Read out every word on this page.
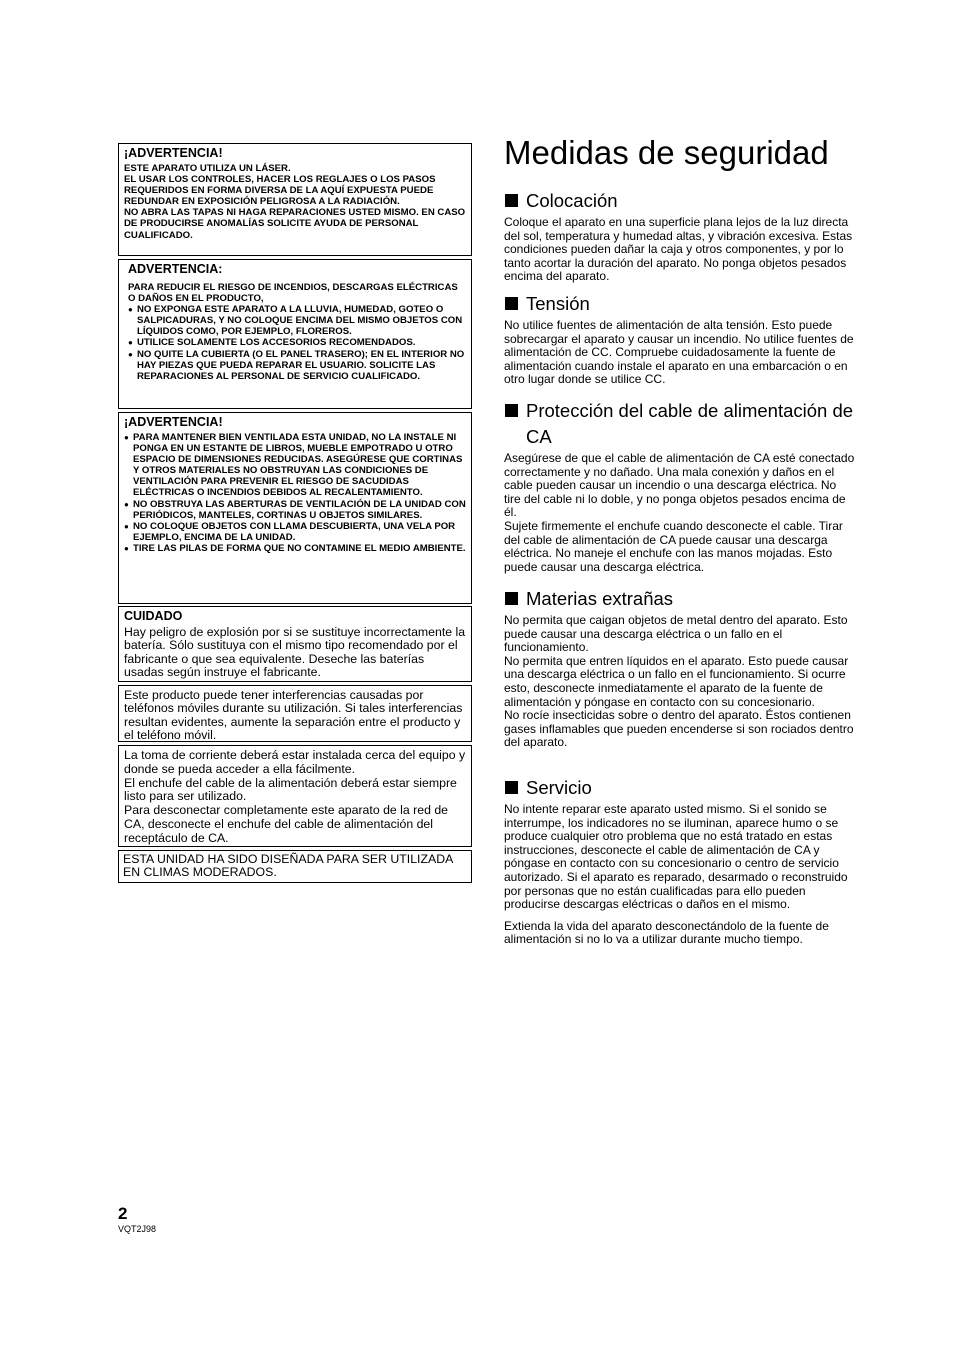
¡ADVERTENCIA!

ESTE APARATO UTILIZA UN LÁSER.

EL USAR LOS CONTROLES, HACER LOS REGLAJES O LOS PASOS REQUERIDOS EN FORMA DIVERSA DE LA AQUÍ EXPUESTA PUEDE REDUNDAR EN EXPOSICIÓN PELIGROSA A LA RADIACIÓN.

NO ABRA LAS TAPAS NI HAGA REPARACIONES USTED MISMO. EN CASO DE PRODUCIRSE ANOMALÍAS SOLICITE AYUDA DE PERSONAL CUALIFICADO.

ADVERTENCIA:

PARA REDUCIR EL RIESGO DE INCENDIOS, DESCARGAS ELÉCTRICAS O DAÑOS EN EL PRODUCTO,

● NO EXPONGA ESTE APARATO A LA LLUVIA, HUMEDAD, GOTEO O SALPICADURAS, Y NO COLOQUE ENCIMA DEL MISMO OBJETOS CON LÍQUIDOS COMO, POR EJEMPLO, FLOREROS.
● UTILICE SOLAMENTE LOS ACCESORIOS RECOMENDADOS.
● NO QUITE LA CUBIERTA (O EL PANEL TRASERO); EN EL INTERIOR NO HAY PIEZAS QUE PUEDA REPARAR EL USUARIO. SOLICITE LAS REPARACIONES AL PERSONAL DE SERVICIO CUALIFICADO.
¡ADVERTENCIA!
● PARA MANTENER BIEN VENTILADA ESTA UNIDAD, NO LA INSTALE NI PONGA EN UN ESTANTE DE LIBROS, MUEBLE EMPOTRADO U OTRO ESPACIO DE DIMENSIONES REDUCIDAS. ASEGÚRESE QUE CORTINAS Y OTROS MATERIALES NO OBSTRUYAN LAS CONDICIONES DE VENTILACIÓN PARA PREVENIR EL RIESGO DE SACUDIDAS ELÉCTRICAS O INCENDIOS DEBIDOS AL RECALENTAMIENTO.
● NO OBSTRUYA LAS ABERTURAS DE VENTILACIÓN DE LA UNIDAD CON PERIÓDICOS, MANTELES, CORTINAS U OBJETOS SIMILARES.
● NO COLOQUE OBJETOS CON LLAMA DESCUBIERTA, UNA VELA POR EJEMPLO, ENCIMA DE LA UNIDAD.
● TIRE LAS PILAS DE FORMA QUE NO CONTAMINE EL MEDIO AMBIENTE.
CUIDADO

Hay peligro de explosión por si se sustituye incorrectamente la batería. Sólo sustituya con el mismo tipo recomendado por el fabricante o que sea equivalente. Deseche las baterías usadas según instruye el fabricante.

Este producto puede tener interferencias causadas por teléfonos móviles durante su utilización. Si tales interferencias resultan evidentes, aumente la separación entre el producto y el teléfono móvil.

La toma de corriente deberá estar instalada cerca del equipo y donde se pueda acceder a ella fácilmente.

El enchufe del cable de la alimentación deberá estar siempre listo para ser utilizado.

Para desconectar completamente este aparato de la red de CA, desconecte el enchufe del cable de alimentación del receptáculo de CA.

ESTA UNIDAD HA SIDO DISEÑADA PARA SER UTILIZADA EN CLIMAS MODERADOS.

Medidas de seguridad
Colocación

Coloque el aparato en una superficie plana lejos de la luz directa del sol, temperatura y humedad altas, y vibración excesiva. Estas condiciones pueden dañar la caja y otros componentes, y por lo tanto acortar la duración del aparato. No ponga objetos pesados encima del aparato.

Tensión

No utilice fuentes de alimentación de alta tensión. Esto puede sobrecargar el aparato y causar un incendio. No utilice fuentes de alimentación de CC. Compruebe cuidadosamente la fuente de alimentación cuando instale el aparato en una embarcación o en otro lugar donde se utilice CC.

Protección del cable de alimentación de CA

Asegúrese de que el cable de alimentación de CA esté conectado correctamente y no dañado. Una mala conexión y daños en el cable pueden causar un incendio o una descarga eléctrica. No tire del cable ni lo doble, y no ponga objetos pesados encima de él.

Sujete firmemente el enchufe cuando desconecte el cable. Tirar del cable de alimentación de CA puede causar una descarga eléctrica. No maneje el enchufe con las manos mojadas. Esto puede causar una descarga eléctrica.

Materias extrañas

No permita que caigan objetos de metal dentro del aparato. Esto puede causar una descarga eléctrica o un fallo en el funcionamiento.

No permita que entren líquidos en el aparato. Esto puede causar una descarga eléctrica o un fallo en el funcionamiento. Si ocurre esto, desconecte inmediatamente el aparato de la fuente de alimentación y póngase en contacto con su concesionario.

No rocíe insecticidas sobre o dentro del aparato. Éstos contienen gases inflamables que pueden encenderse si son rociados dentro del aparato.

Servicio

No intente reparar este aparato usted mismo. Si el sonido se interrumpe, los indicadores no se iluminan, aparece humo o se produce cualquier otro problema que no está tratado en estas instrucciones, desconecte el cable de alimentación de CA y póngase en contacto con su concesionario o centro de servicio autorizado. Si el aparato es reparado, desarmado o reconstruido por personas que no están cualificadas para ello pueden producirse descargas eléctricas o daños en el mismo.

Extienda la vida del aparato desconectándolo de la fuente de alimentación si no lo va a utilizar durante mucho tiempo.

2
VQT2J98
